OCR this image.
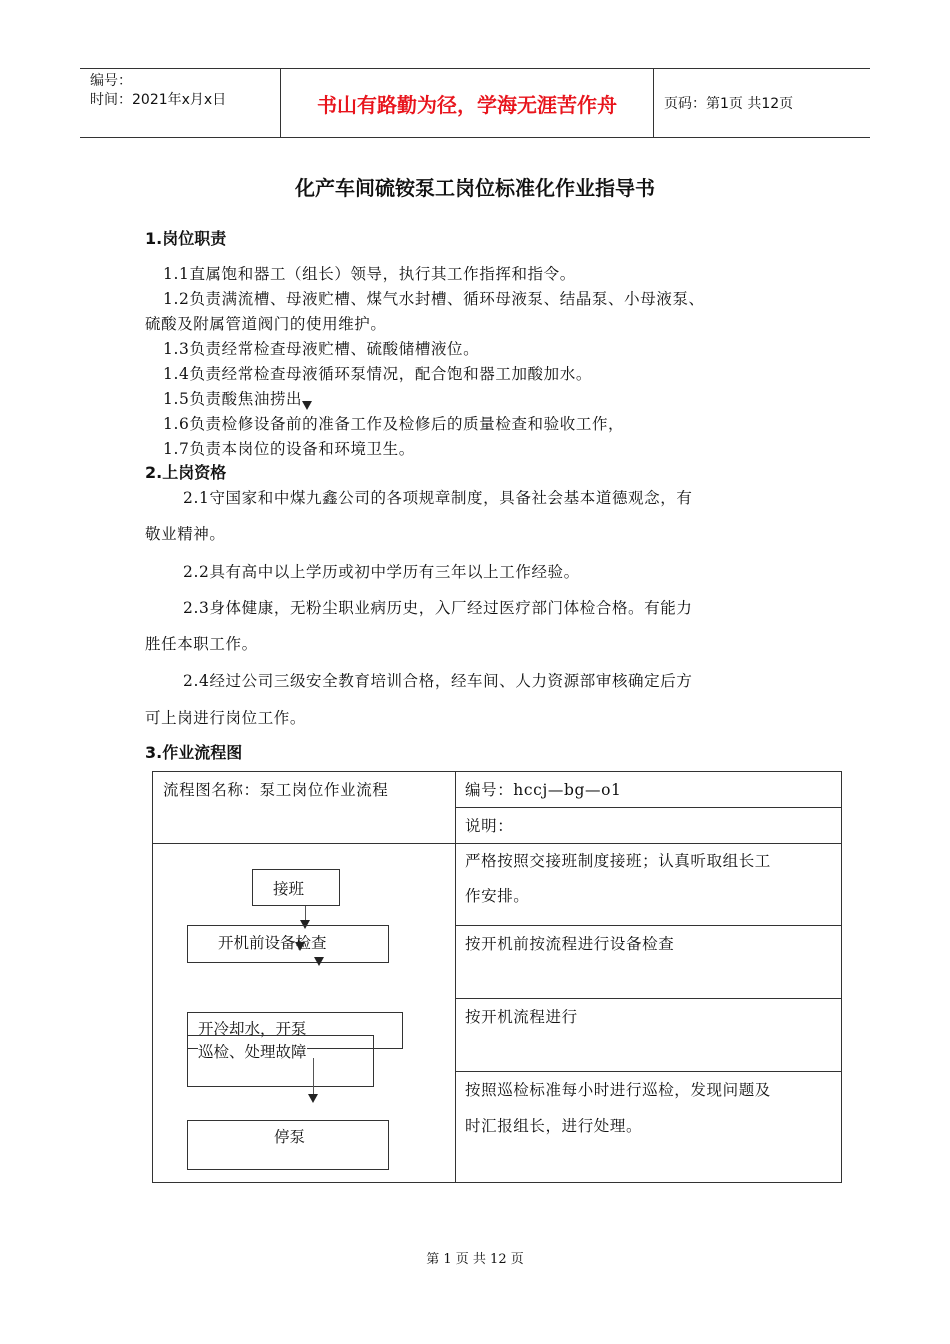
编号：
时间：2021年x月x日	书山有路勤为径，学海无涯苦作舟	页码：第1页 共12页
化产车间硫铵泵工岗位标准化作业指导书
1.岗位职责
1.1直属饱和器工（组长）领导，执行其工作指挥和指令。
1.2负责满流槽、母液贮槽、煤气水封槽、循环母液泵、结晶泵、小母液泵、
硫酸及附属管道阀门的使用维护。
1.3负责经常检查母液贮槽、硫酸储槽液位。
1.4负责经常检查母液循环泵情况，配合饱和器工加酸加水。
1.5负责酸焦油捞出
1.6负责检修设备前的准备工作及检修后的质量检查和验收工作，
1.7负责本岗位的设备和环境卫生。
2.上岗资格
2.1守国家和中煤九鑫公司的各项规章制度，具备社会基本道德观念，有
敬业精神。
2.2具有高中以上学历或初中学历有三年以上工作经验。
2.3身体健康，无粉尘职业病历史，入厂经过医疗部门体检合格。有能力
胜任本职工作。
2.4经过公司三级安全教育培训合格，经车间、人力资源部审核确定后方
可上岗进行岗位工作。
3.作业流程图
流程图名称：泵工岗位作业流程	编号：hccj—bg—o1
说明：
严格按照交接班制度接班；认真听取组长工
作安排。
按开机前按流程进行设备检查
按开机流程进行
按照巡检标准每小时进行巡检，发现问题及
时汇报组长，进行处理。
接班
开机前设备检查
开冷却水，开泵
巡检、处理故障
停泵
第 1 页 共 12 页
